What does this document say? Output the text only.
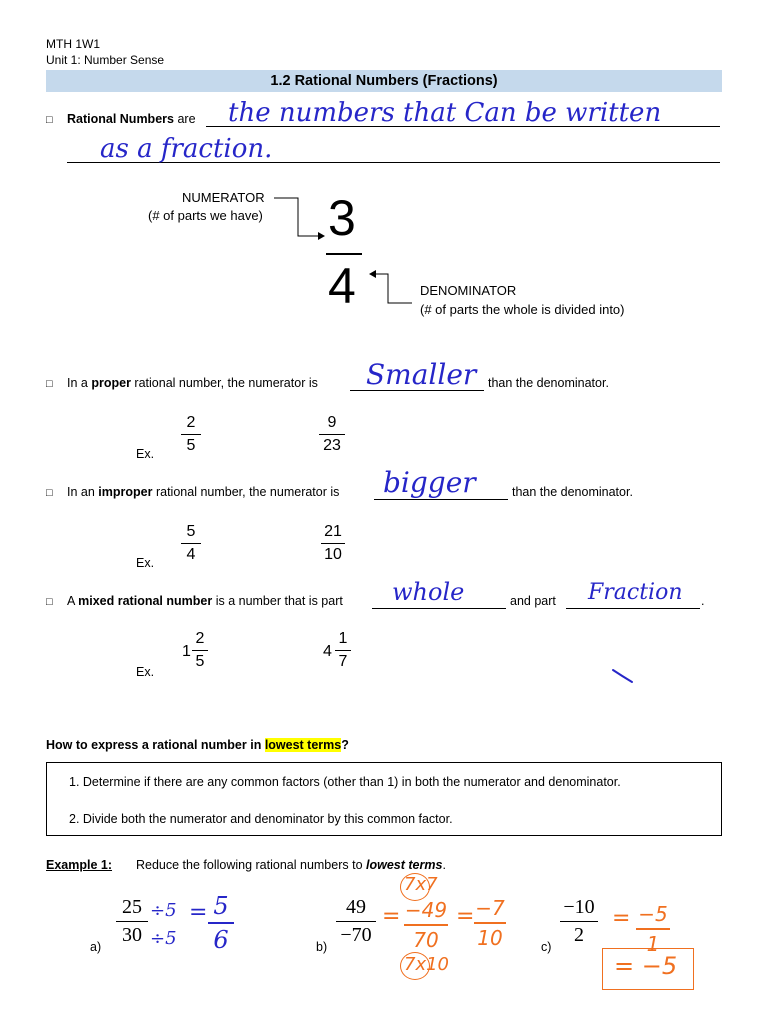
MTH 1W1
Unit 1: Number Sense
1.2 Rational Numbers (Fractions)
□ Rational Numbers are the numbers that Can be written
as a fraction.
NUMERATOR
(# of parts we have) 3
4	DENOMINATOR
(# of parts the whole is divided into)
□ In a proper rational number, the numerator is Smaller than the denominator.
Ex.
2
5
9
23
□ In an improper rational number, the numerator is bigger	than the denominator.
Ex.
5
4
21
10
□ A mixed rational number is a number that is part whole	and part Fraction .
Ex.
1
2
5
4
1
7
How to express a rational number in lowest terms?
1. Determine if there are any common factors (other than 1) in both the numerator and denominator.
2. Divide both the numerator and denominator by this common factor.
Example 1: Reduce the following rational numbers to lowest terms.
a)
25
30
÷5
÷5
= 5
6	b)
49
−70
=
7x7
−49
70
7x10
= −7
10	c)
−10
2
= −5
1
= −5
